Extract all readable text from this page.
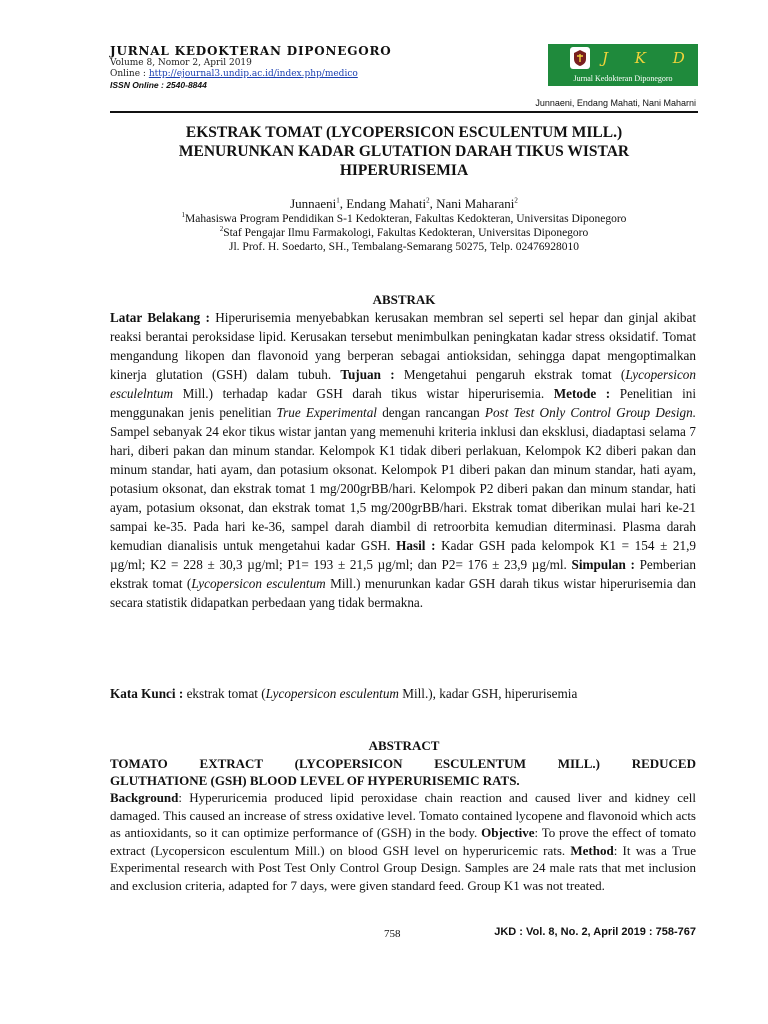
JURNAL KEDOKTERAN DIPONEGORO
Volume 8, Nomor 2, April 2019
Online : http://ejournal3.undip.ac.id/index.php/medico
ISSN Online : 2540-8844
J K D
Jurnal Kedokteran Diponegoro
Junnaeni, Endang Mahati, Nani Maharni
EKSTRAK TOMAT (LYCOPERSICON ESCULENTUM MILL.)
MENURUNKAN KADAR GLUTATION DARAH TIKUS WISTAR
HIPERURISEMIA
Junnaeni$^1$, Endang Mahati$^2$, Nani Maharani$^2$
$^1$Mahasiswa Program Pendidikan S-1 Kedokteran, Fakultas Kedokteran, Universitas Diponegoro
$^2$Staf Pengajar Ilmu Farmakologi, Fakultas Kedokteran, Universitas Diponegoro
Jl. Prof. H. Soedarto, SH., Tembalang-Semarang 50275, Telp. 02476928010
ABSTRAK
Latar Belakang : Hiperurisemia menyebabkan kerusakan membran sel seperti sel hepar dan ginjal akibat reaksi berantai peroksidase lipid. Kerusakan tersebut menimbulkan peningkatan kadar stress oksidatif. Tomat mengandung likopen dan flavonoid yang berperan sebagai antioksidan, sehingga dapat mengoptimalkan kinerja glutation (GSH) dalam tubuh. Tujuan : Mengetahui pengaruh ekstrak tomat (Lycopersicon esculelntum Mill.) terhadap kadar GSH darah tikus wistar hiperurisemia. Metode : Penelitian ini menggunakan jenis penelitian True Experimental dengan rancangan Post Test Only Control Group Design. Sampel sebanyak 24 ekor tikus wistar jantan yang memenuhi kriteria inklusi dan eksklusi, diadaptasi selama 7 hari, diberi pakan dan minum standar. Kelompok K1 tidak diberi perlakuan, Kelompok K2 diberi pakan dan minum standar, hati ayam, dan potasium oksonat. Kelompok P1 diberi pakan dan minum standar, hati ayam, potasium oksonat, dan ekstrak tomat 1 mg/200grBB/hari. Kelompok P2 diberi pakan dan minum standar, hati ayam, potasium oksonat, dan ekstrak tomat 1,5 mg/200grBB/hari. Ekstrak tomat diberikan mulai hari ke-21 sampai ke-35. Pada hari ke-36, sampel darah diambil di retroorbita kemudian diterminasi. Plasma darah kemudian dianalisis untuk mengetahui kadar GSH. Hasil : Kadar GSH pada kelompok K1 = 154 ± 21,9 µg/ml; K2 = 228 ± 30,3 µg/ml; P1= 193 ± 21,5 µg/ml; dan P2= 176 ± 23,9 µg/ml. Simpulan : Pemberian ekstrak tomat (Lycopersicon esculentum Mill.) menurunkan kadar GSH darah tikus wistar hiperurisemia dan secara statistik didapatkan perbedaan yang tidak bermakna.
Kata Kunci : ekstrak tomat (Lycopersicon esculentum Mill.), kadar GSH, hiperurisemia
ABSTRACT
TOMATO EXTRACT (LYCOPERSICON ESCULENTUM MILL.) REDUCED
GLUTHATIONE (GSH) BLOOD LEVEL OF HYPERURISEMIC RATS.
Background: Hyperuricemia produced lipid peroxidase chain reaction and caused liver and kidney cell damaged. This caused an increase of stress oxidative level. Tomato contained lycopene and flavonoid which acts as antioxidants, so it can optimize performance of (GSH) in the body. Objective: To prove the effect of tomato extract (Lycopersicon esculentum Mill.) on blood GSH level on hyperuricemic rats. Method: It was a True Experimental research with Post Test Only Control Group Design. Samples are 24 male rats that met inclusion and exclusion criteria, adapted for 7 days, were given standard feed. Group K1 was not treated.
758	JKD : Vol. 8, No. 2, April 2019 : 758-767
